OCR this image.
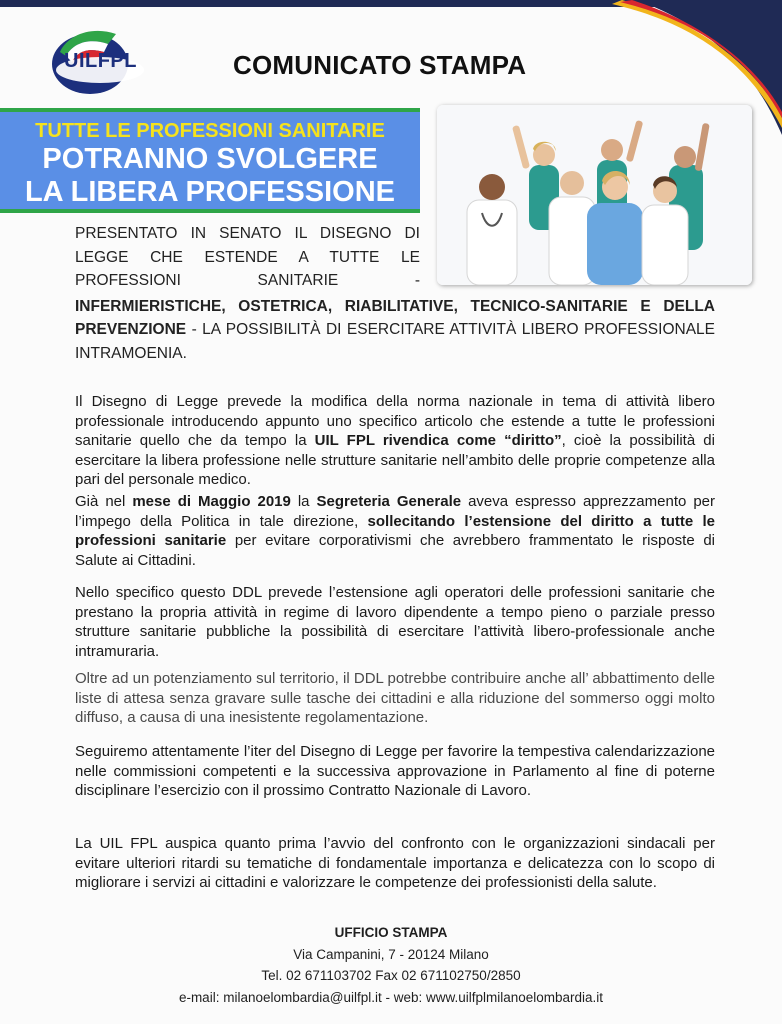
UILFPL	COMUNICATO STAMPA
TUTTE LE PROFESSIONI SANITARIE
POTRANNO SVOLGERE
LA LIBERA PROFESSIONE
PRESENTATO IN SENATO IL DISEGNO DI
LEGGE CHE ESTENDE A TUTTE LE
PROFESSIONI SANITARIE -
INFERMIERISTICHE, OSTETRICA, RIABILITATIVE, TECNICO-SANITARIE E DELLA PREVENZIONE - LA POSSIBILITÀ DI ESERCITARE ATTIVITÀ LIBERO PROFESSIONALE INTRAMOENIA.
Il Disegno di Legge prevede la modifica della norma nazionale in tema di attività libero professionale introducendo appunto uno specifico articolo che estende a tutte le professioni sanitarie quello che da tempo la UIL FPL rivendica come “diritto”, cioè la possibilità di esercitare la libera professione nelle strutture sanitarie nell’ambito delle proprie competenze alla pari del personale medico.
Già nel mese di Maggio 2019 la Segreteria Generale aveva espresso apprezzamento per l’impego della Politica in tale direzione, sollecitando l’estensione del diritto a tutte le professioni sanitarie per evitare corporativismi che avrebbero frammentato le risposte di Salute ai Cittadini.
Nello specifico questo DDL prevede l’estensione agli operatori delle professioni sanitarie che prestano la propria attività in regime di lavoro dipendente a tempo pieno o parziale presso strutture sanitarie pubbliche la possibilità di esercitare l’attività libero-professionale anche intramuraria.
Oltre ad un potenziamento sul territorio, il DDL potrebbe contribuire anche all’ abbattimento delle liste di attesa senza gravare sulle tasche dei cittadini e alla riduzione del sommerso oggi molto diffuso, a causa di una inesistente regolamentazione.
Seguiremo attentamente l’iter del Disegno di Legge per favorire la tempestiva calendarizzazione nelle commissioni competenti e la successiva approvazione in Parlamento al fine di poterne disciplinare l’esercizio con il prossimo Contratto Nazionale di Lavoro.
La UIL FPL auspica quanto prima l’avvio del confronto con le organizzazioni sindacali per evitare ulteriori ritardi su tematiche di fondamentale importanza e delicatezza con lo scopo di migliorare i servizi ai cittadini e valorizzare le competenze dei professionisti della salute.
UFFICIO STAMPA
Via Campanini, 7 - 20124 Milano
Tel. 02 671103702 Fax 02 671102750/2850
e-mail: milanoelombardia@uilfpl.it - web: www.uilfplmilanoelombardia.it
